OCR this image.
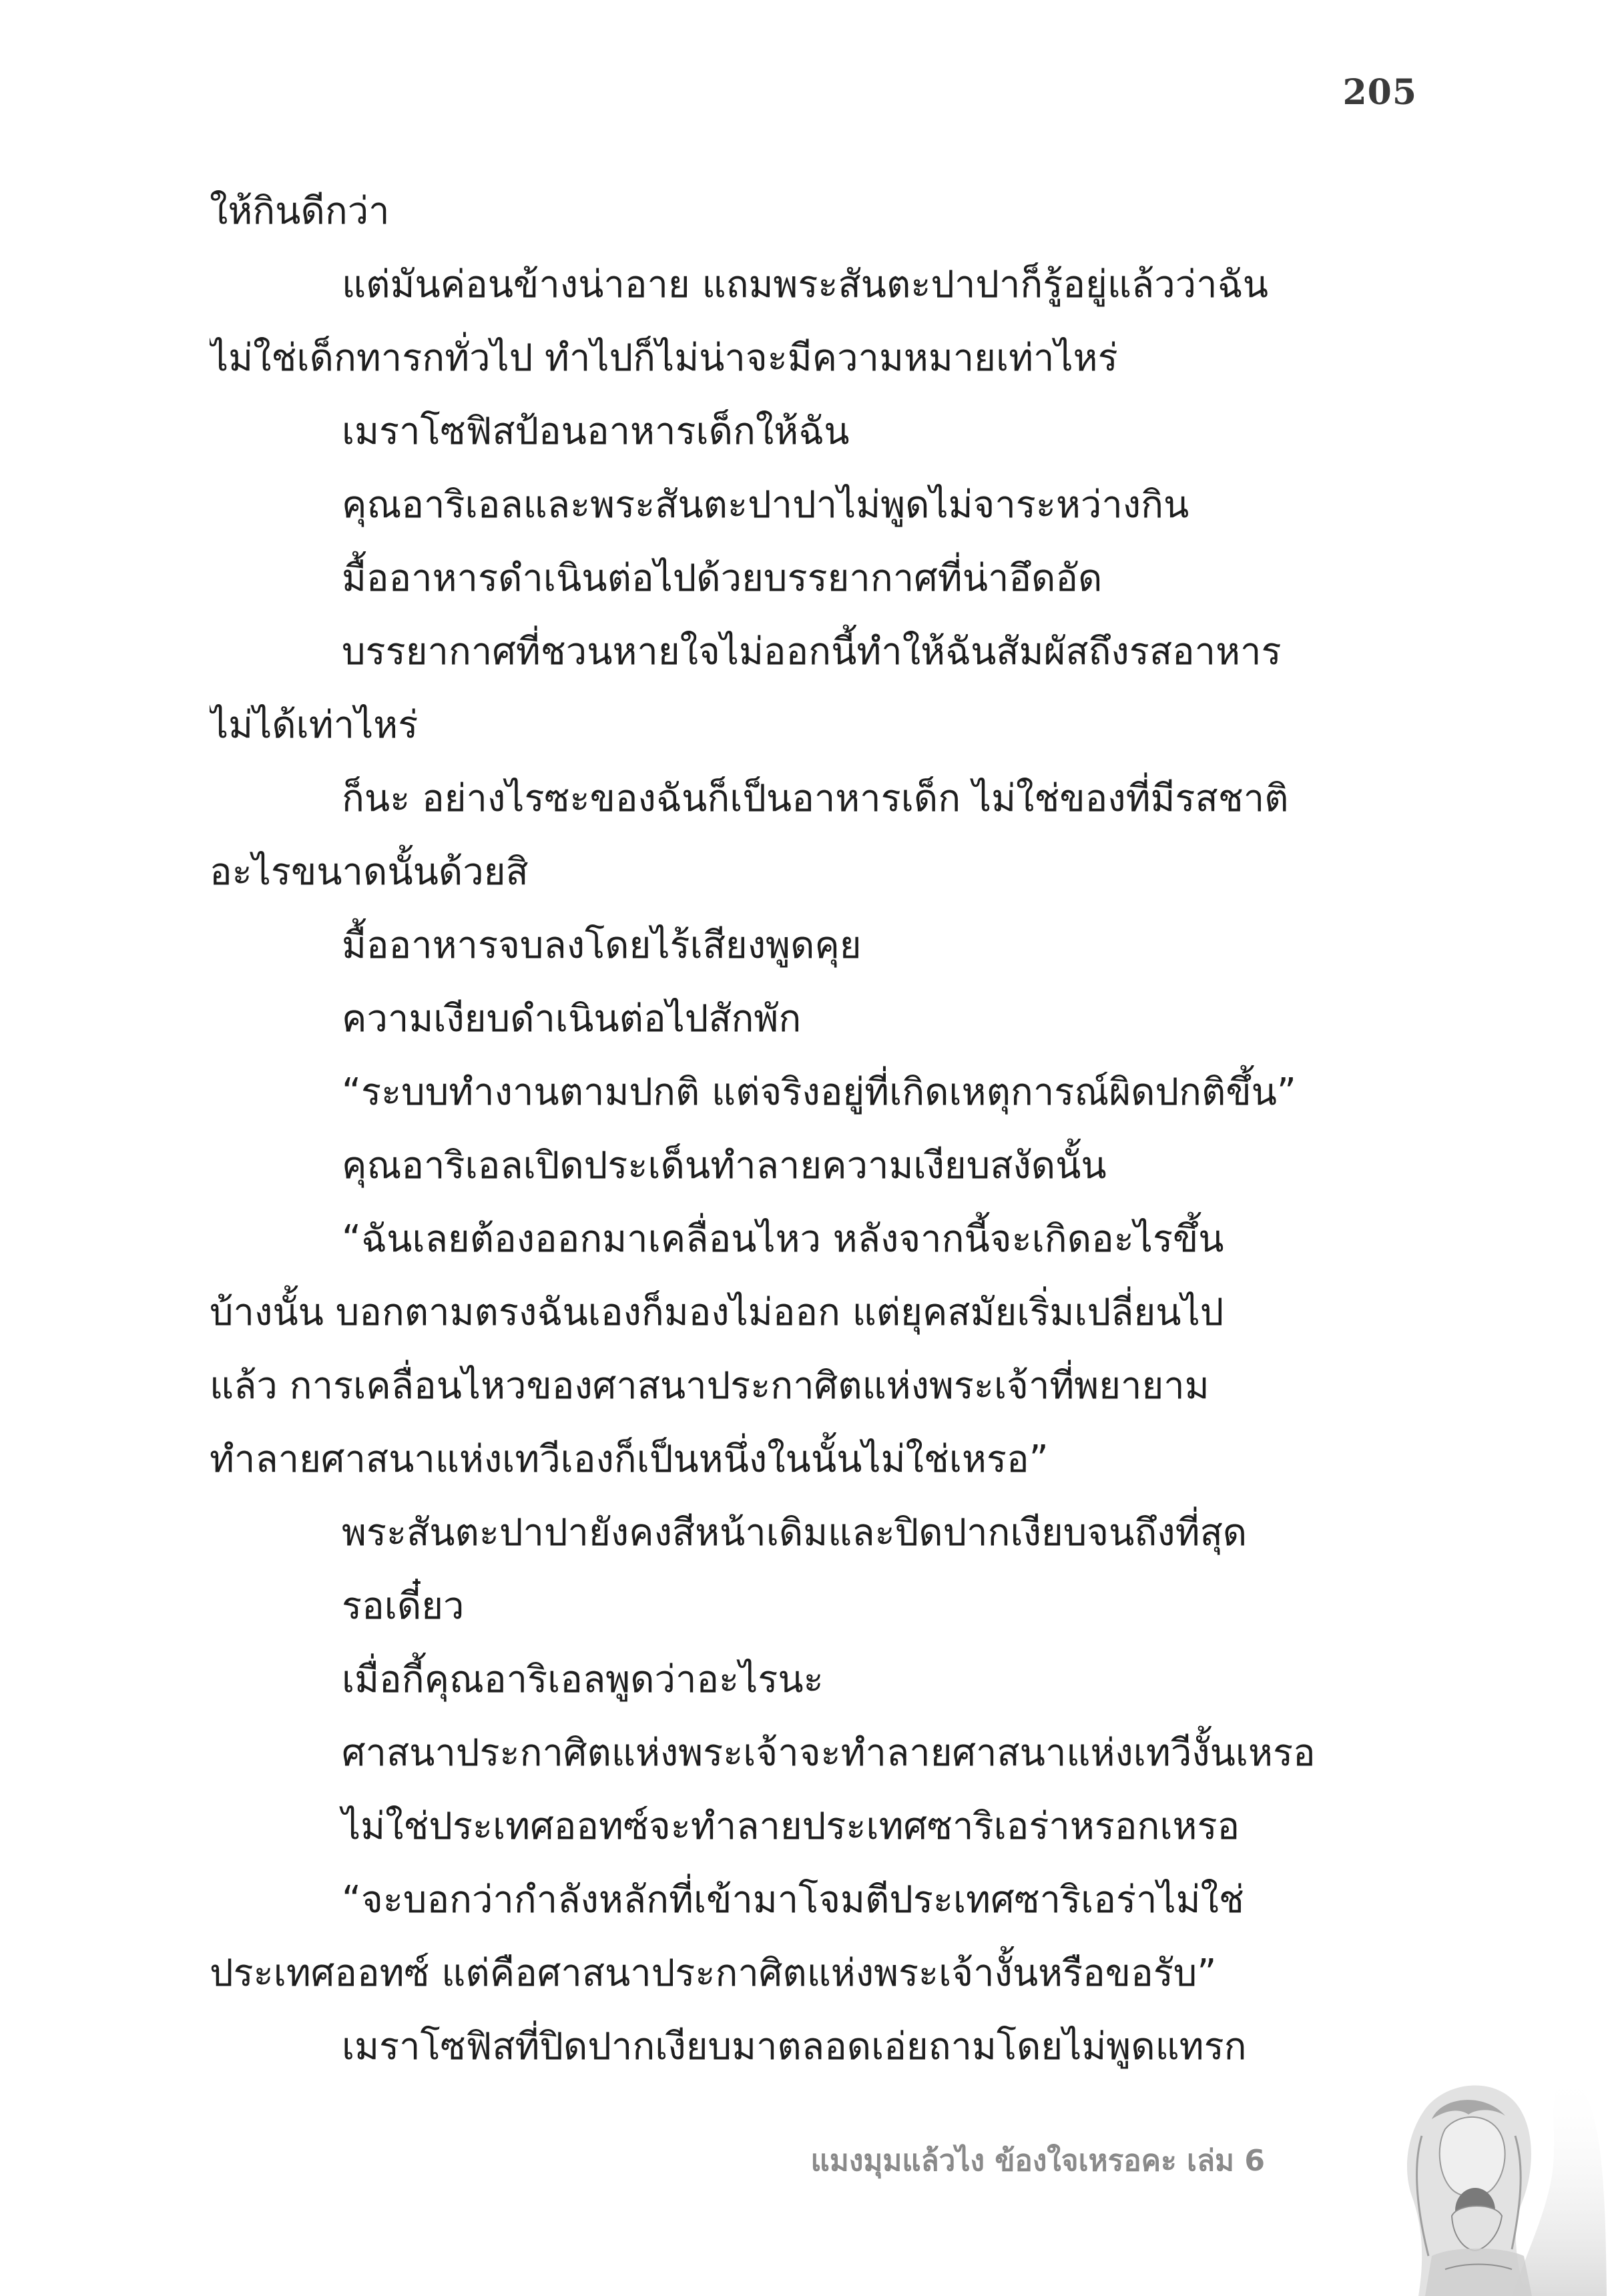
205
ให้กินดีกว่า
แต่มันค่อนข้างน่าอาย แถมพระสันตะปาปาก็รู้อยู่แล้วว่าฉัน
ไม่ใช่เด็กทารกทั่วไป ทำไปก็ไม่น่าจะมีความหมายเท่าไหร่
เมราโซฟิสป้อนอาหารเด็กให้ฉัน
คุณอาริเอลและพระสันตะปาปาไม่พูดไม่จาระหว่างกิน
มื้ออาหารดำเนินต่อไปด้วยบรรยากาศที่น่าอึดอัด
บรรยากาศที่ชวนหายใจไม่ออกนี้ทำให้ฉันสัมผัสถึงรสอาหาร
ไม่ได้เท่าไหร่
ก็นะ อย่างไรซะของฉันก็เป็นอาหารเด็ก ไม่ใช่ของที่มีรสชาติ
อะไรขนาดนั้นด้วยสิ
มื้ออาหารจบลงโดยไร้เสียงพูดคุย
ความเงียบดำเนินต่อไปสักพัก
“ระบบทำงานตามปกติ แต่จริงอยู่ที่เกิดเหตุการณ์ผิดปกติขึ้น”
คุณอาริเอลเปิดประเด็นทำลายความเงียบสงัดนั้น
“ฉันเลยต้องออกมาเคลื่อนไหว หลังจากนี้จะเกิดอะไรขึ้น
บ้างนั้น บอกตามตรงฉันเองก็มองไม่ออก แต่ยุคสมัยเริ่มเปลี่ยนไป
แล้ว การเคลื่อนไหวของศาสนาประกาศิตแห่งพระเจ้าที่พยายาม
ทำลายศาสนาแห่งเทวีเองก็เป็นหนึ่งในนั้นไม่ใช่เหรอ”
พระสันตะปาปายังคงสีหน้าเดิมและปิดปากเงียบจนถึงที่สุด
รอเดี๋ยว
เมื่อกี้คุณอาริเอลพูดว่าอะไรนะ
ศาสนาประกาศิตแห่งพระเจ้าจะทำลายศาสนาแห่งเทวีงั้นเหรอ
ไม่ใช่ประเทศออทซ์จะทำลายประเทศซาริเอร่าหรอกเหรอ
“จะบอกว่ากำลังหลักที่เข้ามาโจมตีประเทศซาริเอร่าไม่ใช่
ประเทศออทซ์ แต่คือศาสนาประกาศิตแห่งพระเจ้างั้นหรือขอรับ”
เมราโซฟิสที่ปิดปากเงียบมาตลอดเอ่ยถามโดยไม่พูดแทรก
แมงมุมแล้วไง ข้องใจเหรอคะ เล่ม 6
